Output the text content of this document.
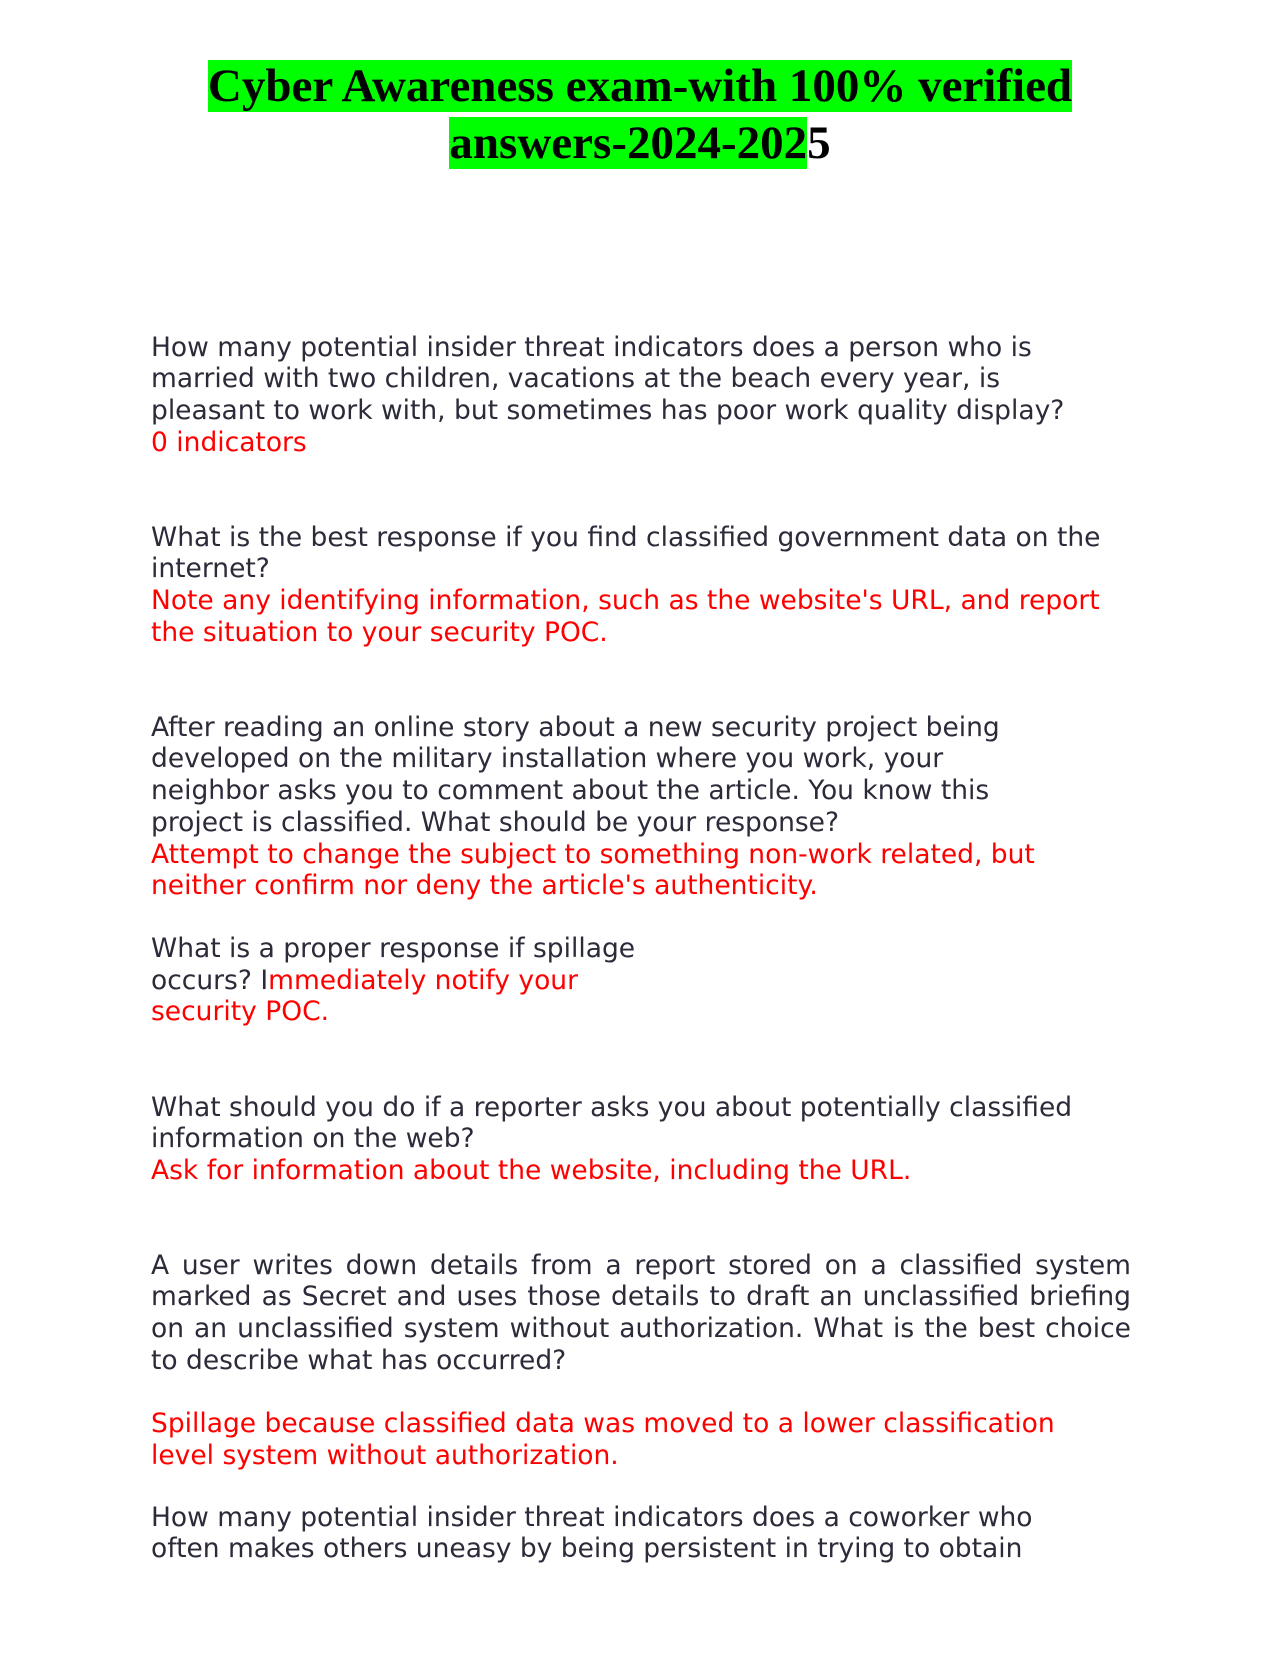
Cyber Awareness exam-with 100% verified
answers-2024-2025

How many potential insider threat indicators does a person who is
married with two children, vacations at the beach every year, is
pleasant to work with, but sometimes has poor work quality display?
0 indicators

What is the best response if you find classified government data on the
internet?
Note any identifying information, such as the website's URL, and report
the situation to your security POC.

After reading an online story about a new security project being
developed on the military installation where you work, your
neighbor asks you to comment about the article. You know this
project is classified. What should be your response?
Attempt to change the subject to something non-work related, but
neither confirm nor deny the article's authenticity.

What is a proper response if spillage
occurs? Immediately notify your
security POC.

What should you do if a reporter asks you about potentially classified
information on the web?
Ask for information about the website, including the URL.

A user writes down details from a report stored on a classified system marked as Secret and uses those details to draft an unclassified briefing on an unclassified system without authorization. What is the best choice to describe what has occurred?

Spillage because classified data was moved to a lower classification
level system without authorization.

How many potential insider threat indicators does a coworker who
often makes others uneasy by being persistent in trying to obtain
